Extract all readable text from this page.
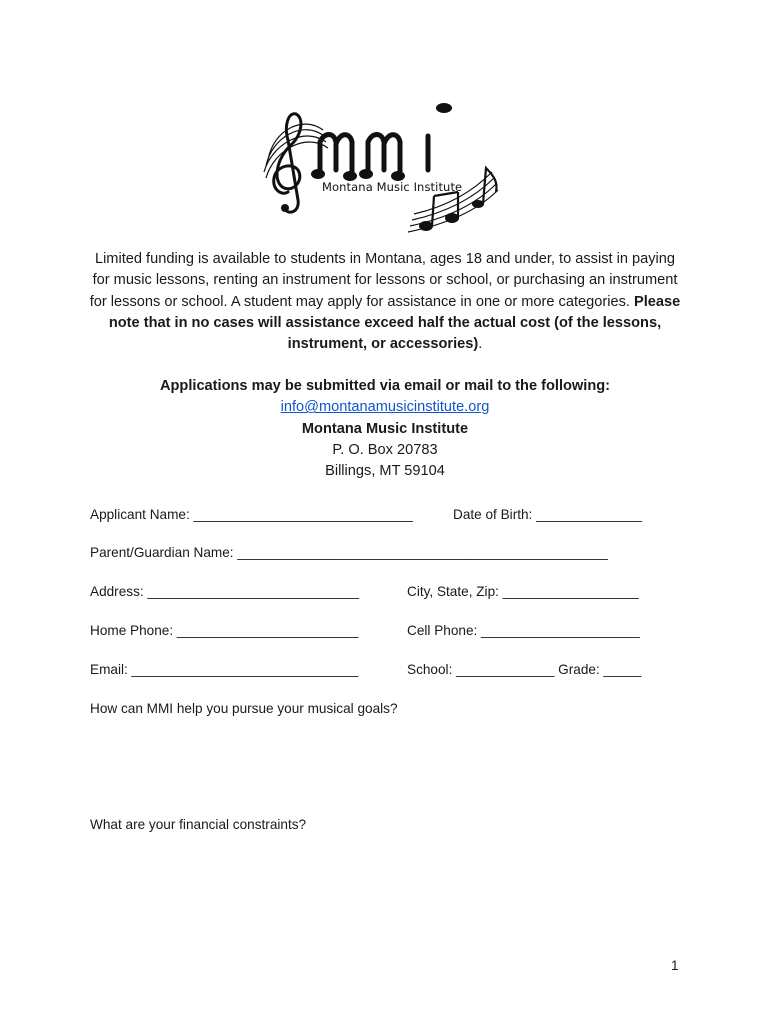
Montana Music Institute

Limited funding is available to students in Montana, ages 18 and under, to assist in paying for music lessons, renting an instrument for lessons or school, or purchasing an instrument for lessons or school. A student may apply for assistance in one or more categories. Please note that in no cases will assistance exceed half the actual cost (of the lessons, instrument, or accessories).

Applications may be submitted via email or mail to the following:
info@montanamusicinstitute.org
Montana Music Institute
P. O. Box 20783
Billings, MT 59104
Applicant Name: _____________________________	Date of Birth: ______________
Parent/Guardian Name: _________________________________________________
Address: ____________________________	City, State, Zip: __________________
Home Phone: ________________________	Cell Phone: _____________________
Email: ______________________________	School: _____________ Grade: _____
How can MMI help you pursue your musical goals?
What are your financial constraints?
1
